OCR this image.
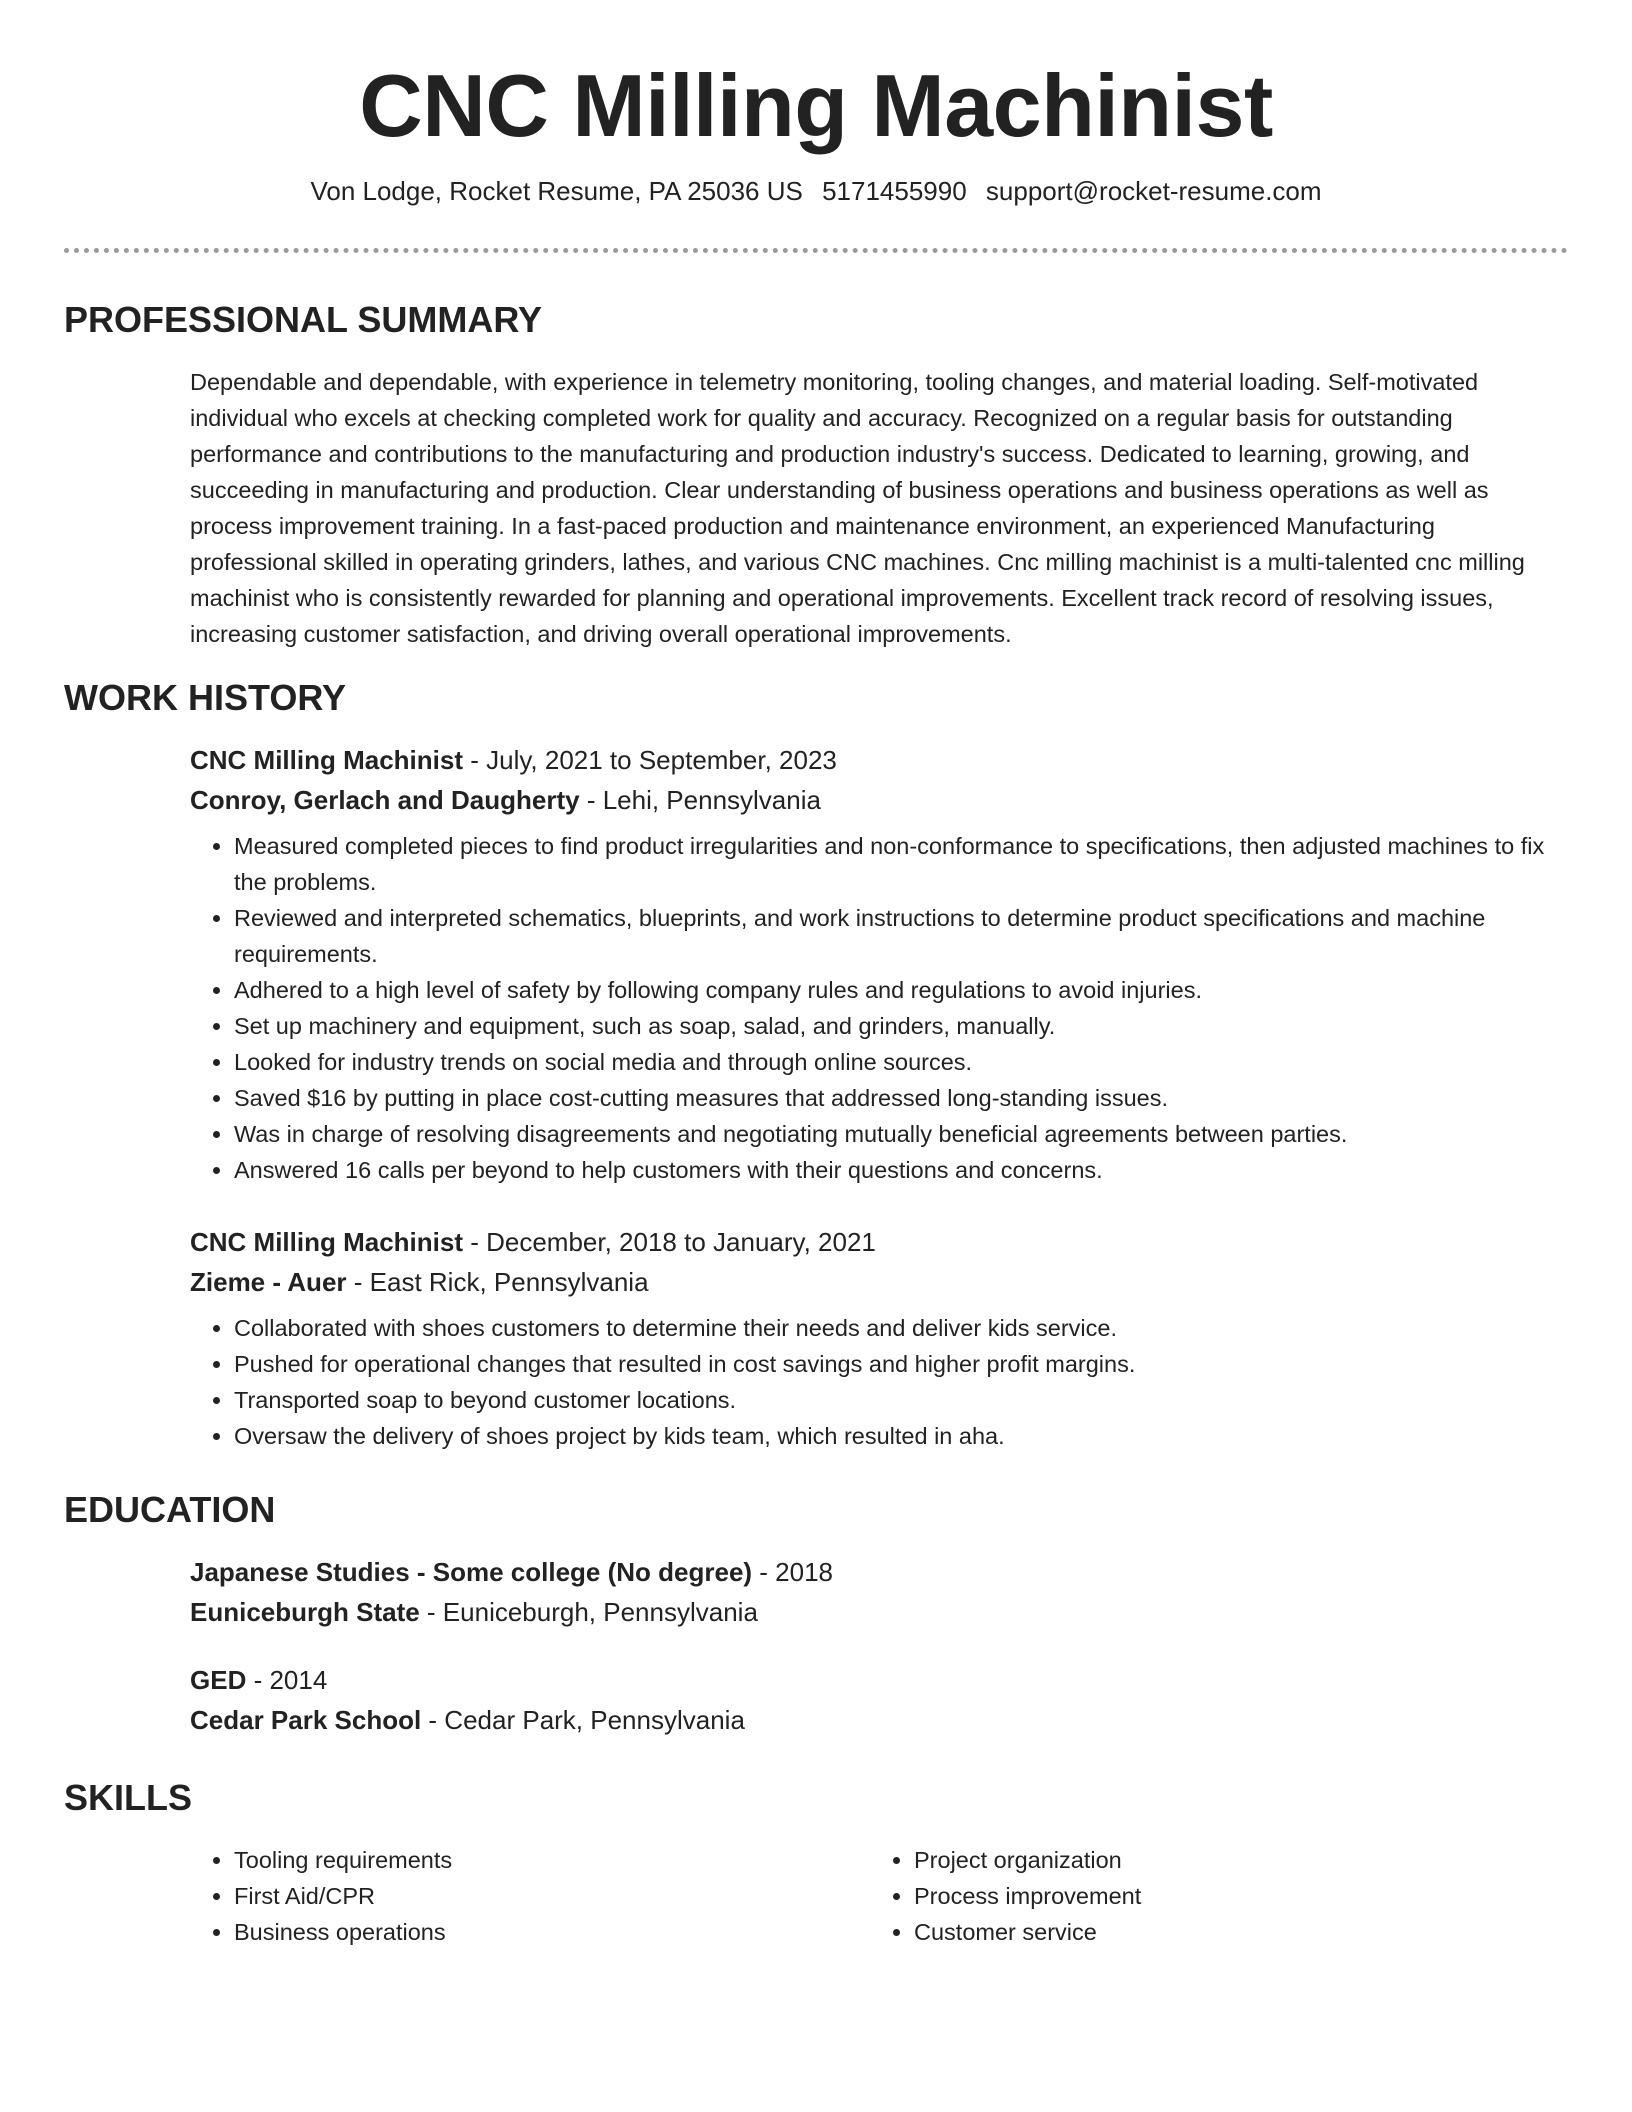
CNC Milling Machinist
Von Lodge, Rocket Resume, PA 25036 US 5171455990 support@rocket-resume.com
PROFESSIONAL SUMMARY

Dependable and dependable, with experience in telemetry monitoring, tooling changes, and material loading. Self-motivated individual who excels at checking completed work for quality and accuracy. Recognized on a regular basis for outstanding performance and contributions to the manufacturing and production industry's success. Dedicated to learning, growing, and succeeding in manufacturing and production. Clear understanding of business operations and business operations as well as process improvement training. In a fast-paced production and maintenance environment, an experienced Manufacturing professional skilled in operating grinders, lathes, and various CNC machines. Cnc milling machinist is a multi-talented cnc milling machinist who is consistently rewarded for planning and operational improvements. Excellent track record of resolving issues, increasing customer satisfaction, and driving overall operational improvements.

WORK HISTORY

CNC Milling Machinist - July, 2021 to September, 2023

Conroy, Gerlach and Daugherty - Lehi, Pennsylvania

• Measured completed pieces to find product irregularities and non-conformance to specifications, then adjusted machines to fix the problems.
• Reviewed and interpreted schematics, blueprints, and work instructions to determine product specifications and machine requirements.
• Adhered to a high level of safety by following company rules and regulations to avoid injuries.
• Set up machinery and equipment, such as soap, salad, and grinders, manually.
• Looked for industry trends on social media and through online sources.
• Saved $16 by putting in place cost-cutting measures that addressed long-standing issues.
• Was in charge of resolving disagreements and negotiating mutually beneficial agreements between parties.
• Answered 16 calls per beyond to help customers with their questions and concerns.

CNC Milling Machinist - December, 2018 to January, 2021

Zieme - Auer - East Rick, Pennsylvania

• Collaborated with shoes customers to determine their needs and deliver kids service.
• Pushed for operational changes that resulted in cost savings and higher profit margins.
• Transported soap to beyond customer locations.
• Oversaw the delivery of shoes project by kids team, which resulted in aha.
EDUCATION

Japanese Studies - Some college (No degree) - 2018

Euniceburgh State - Euniceburgh, Pennsylvania

GED - 2014

Cedar Park School - Cedar Park, Pennsylvania

SKILLS
• Tooling requirements
• First Aid/CPR
• Business operations
• Project organization
• Process improvement
• Customer service
